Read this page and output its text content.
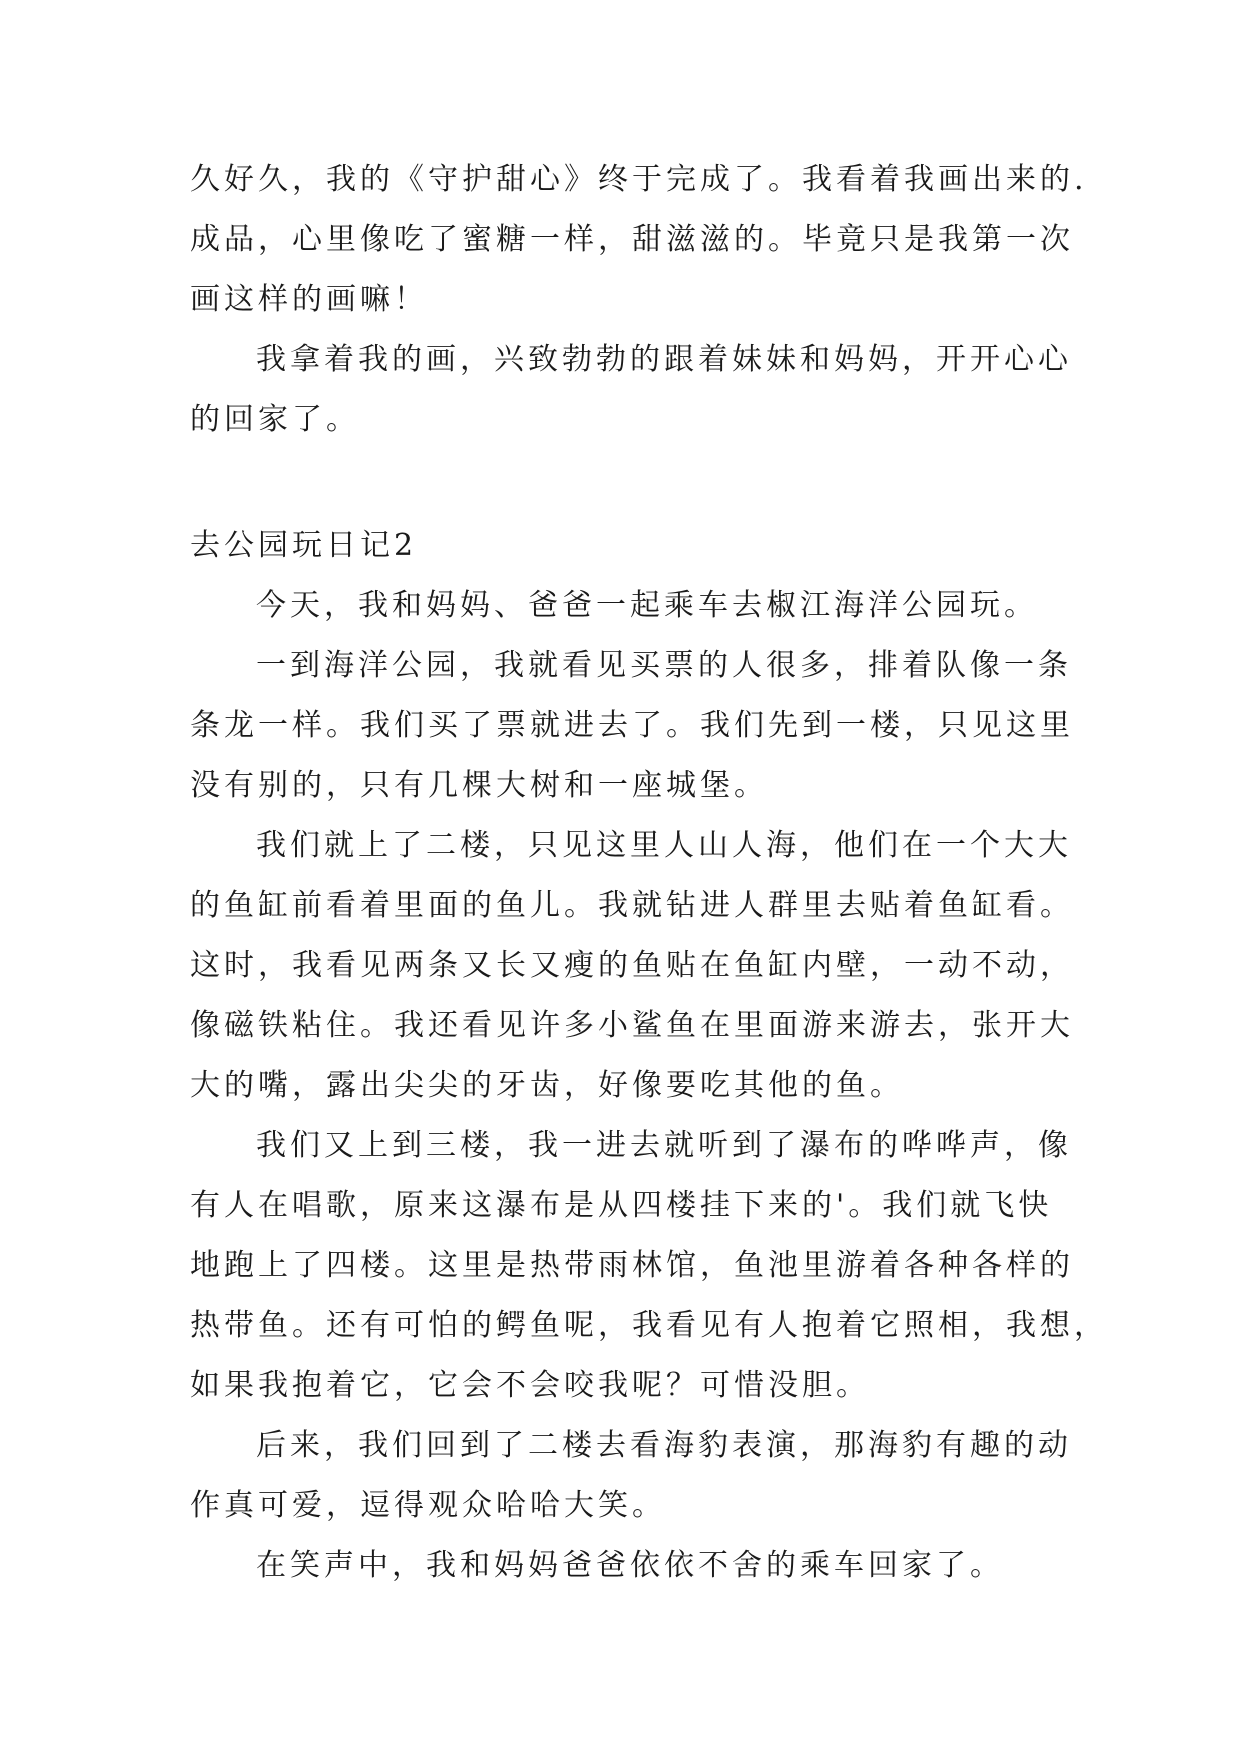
久好久，我的《守护甜心》终于完成了。我看着我画出来的.
成品，心里像吃了蜜糖一样，甜滋滋的。毕竟只是我第一次
画这样的画嘛！
我拿着我的画，兴致勃勃的跟着妹妹和妈妈，开开心心
的回家了。
去公园玩日记2
今天，我和妈妈、爸爸一起乘车去椒江海洋公园玩。
一到海洋公园，我就看见买票的人很多，排着队像一条
条龙一样。我们买了票就进去了。我们先到一楼，只见这里
没有别的，只有几棵大树和一座城堡。
我们就上了二楼，只见这里人山人海，他们在一个大大
的鱼缸前看着里面的鱼儿。我就钻进人群里去贴着鱼缸看。
这时，我看见两条又长又瘦的鱼贴在鱼缸内壁，一动不动，
像磁铁粘住。我还看见许多小鲨鱼在里面游来游去，张开大
大的嘴，露出尖尖的牙齿，好像要吃其他的鱼。
我们又上到三楼，我一进去就听到了瀑布的哗哗声，像
有人在唱歌，原来这瀑布是从四楼挂下来的'。我们就飞快
地跑上了四楼。这里是热带雨林馆，鱼池里游着各种各样的
热带鱼。还有可怕的鳄鱼呢，我看见有人抱着它照相，我想，
如果我抱着它，它会不会咬我呢？可惜没胆。
后来，我们回到了二楼去看海豹表演，那海豹有趣的动
作真可爱，逗得观众哈哈大笑。
在笑声中，我和妈妈爸爸依依不舍的乘车回家了。
